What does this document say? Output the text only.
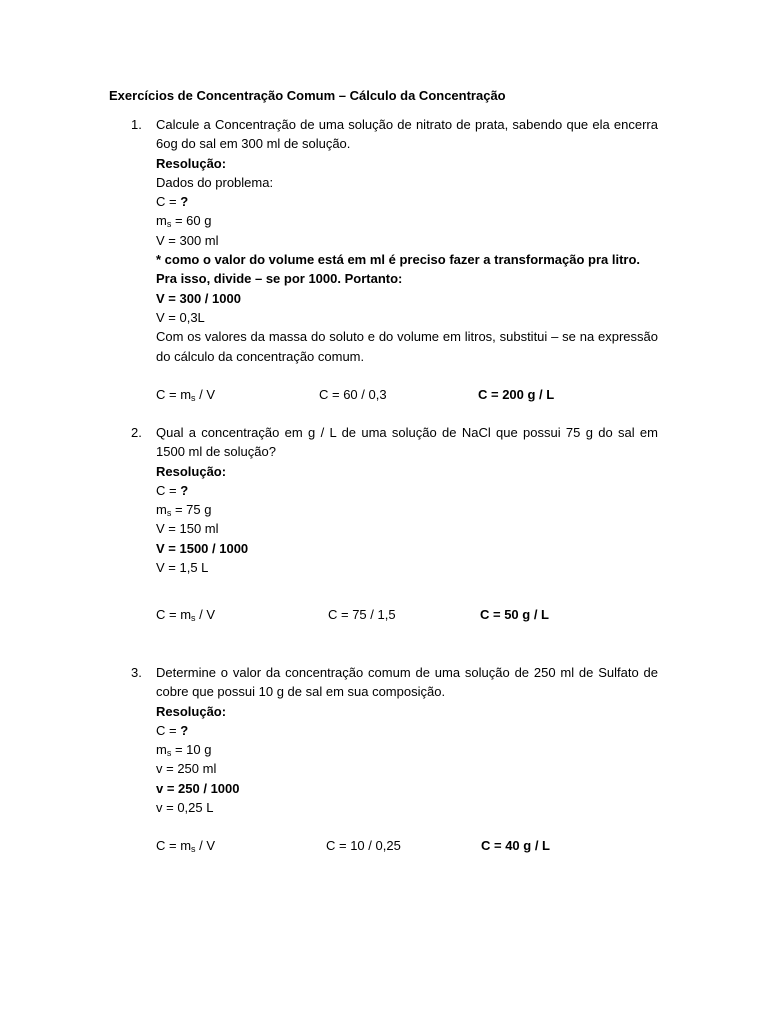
Exercícios de Concentração Comum – Cálculo da Concentração
1.	Calcule a Concentração de uma solução de nitrato de prata, sabendo que ela encerra 6og do sal em 300 ml de solução.

Resolução:

Dados do problema:

C = ?

$m_s = 60$ g

V = 300 ml

* como o valor do volume está em ml é preciso fazer a transformação pra litro.

Pra isso, divide – se por 1000. Portanto:

V = 300 / 1000

V = 0,3L

Com os valores da massa do soluto e do volume em litros, substitui – se na expressão do cálculo da concentração comum.

$C = m_s / V$	C = 60 / 0,3	C = 200 g / L
2.	Qual a concentração em g / L de uma solução de NaCl que possui 75 g do sal em 1500 ml de solução?

Resolução:

C = ?

$m_s = 75$ g

V = 150 ml

V = 1500 / 1000

V = 1,5 L

$C = m_s / V$	C = 75 / 1,5	C = 50 g / L
3.	Determine o valor da concentração comum de uma solução de 250 ml de Sulfato de cobre que possui 10 g de sal em sua composição.

Resolução:

C = ?

$m_s = 10$ g

v = 250 ml

v = 250 / 1000

v = 0,25 L

$C = m_s / V$	C = 10 / 0,25	C = 40 g / L
